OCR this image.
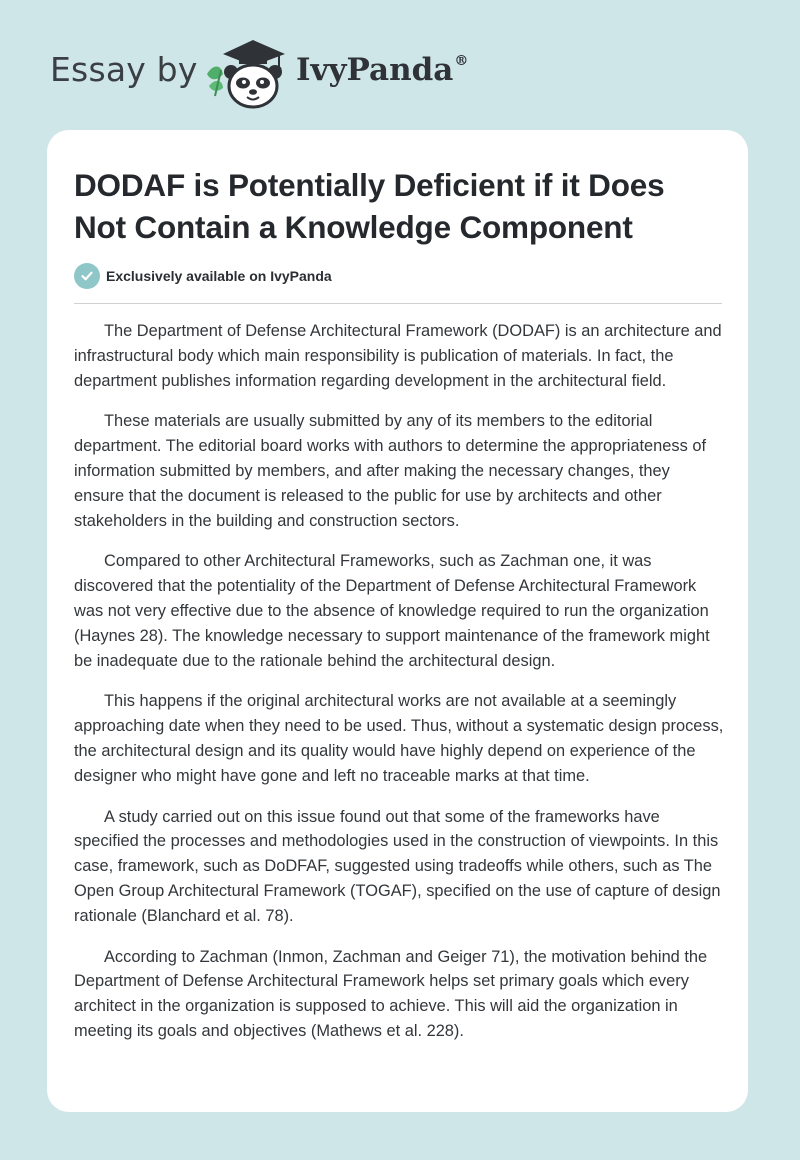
Essay by	IvyPanda®
DODAF is Potentially Deficient if it Does Not Contain a Knowledge Component
Exclusively available on IvyPanda

The Department of Defense Architectural Framework (DODAF) is an architecture and infrastructural body which main responsibility is publication of materials. In fact, the department publishes information regarding development in the architectural field.

These materials are usually submitted by any of its members to the editorial department. The editorial board works with authors to determine the appropriateness of information submitted by members, and after making the necessary changes, they ensure that the document is released to the public for use by architects and other stakeholders in the building and construction sectors.

Compared to other Architectural Frameworks, such as Zachman one, it was discovered that the potentiality of the Department of Defense Architectural Framework was not very effective due to the absence of knowledge required to run the organization (Haynes 28). The knowledge necessary to support maintenance of the framework might be inadequate due to the rationale behind the architectural design.

This happens if the original architectural works are not available at a seemingly approaching date when they need to be used. Thus, without a systematic design process, the architectural design and its quality would have highly depend on experience of the designer who might have gone and left no traceable marks at that time.

A study carried out on this issue found out that some of the frameworks have specified the processes and methodologies used in the construction of viewpoints. In this case, framework, such as DoDFAF, suggested using tradeoffs while others, such as The Open Group Architectural Framework (TOGAF), specified on the use of capture of design rationale (Blanchard et al. 78).

According to Zachman (Inmon, Zachman and Geiger 71), the motivation behind the Department of Defense Architectural Framework helps set primary goals which every architect in the organization is supposed to achieve. This will aid the organization in meeting its goals and objectives (Mathews et al. 228).
